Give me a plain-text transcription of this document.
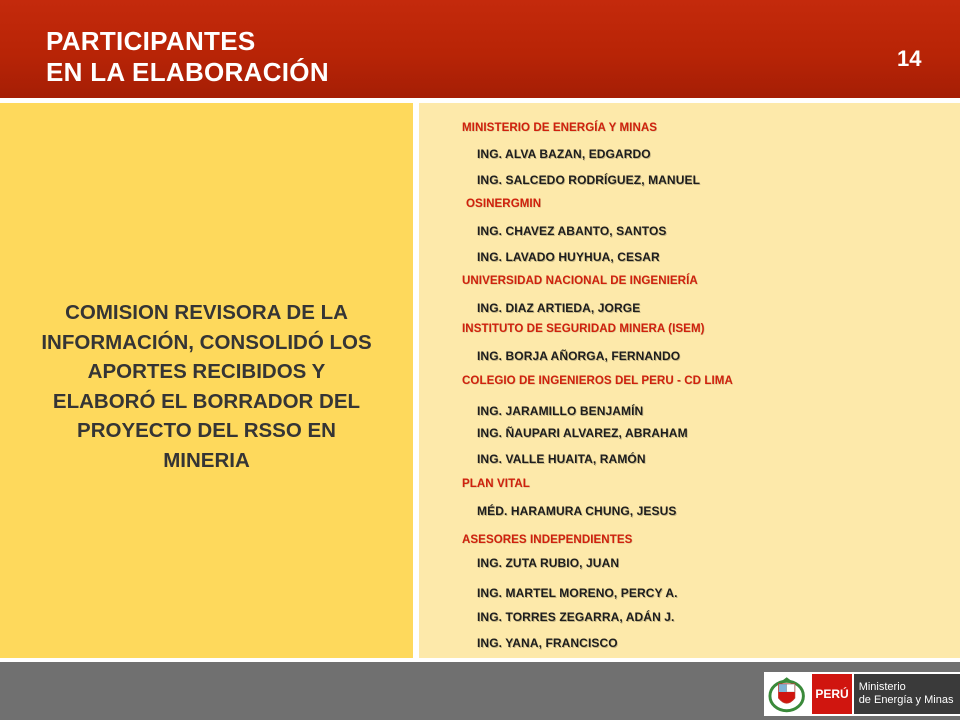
PARTICIPANTES
EN LA ELABORACIÓN	14
COMISION REVISORA DE LA INFORMACIÓN, CONSOLIDÓ LOS APORTES RECIBIDOS Y ELABORÓ EL BORRADOR DEL PROYECTO DEL RSSO EN MINERIA
MINISTERIO DE ENERGÍA Y MINAS
ING. ALVA BAZAN, EDGARDO
ING. SALCEDO RODRÍGUEZ, MANUEL
OSINERGMIN
ING. CHAVEZ ABANTO, SANTOS
ING. LAVADO HUYHUA, CESAR
UNIVERSIDAD NACIONAL DE INGENIERÍA
ING. DIAZ ARTIEDA, JORGE
INSTITUTO DE SEGURIDAD MINERA (ISEM)
ING. BORJA AÑORGA, FERNANDO
COLEGIO DE INGENIEROS DEL PERU - CD LIMA
ING. JARAMILLO BENJAMÍN
ING. ÑAUPARI ALVAREZ, ABRAHAM
ING. VALLE HUAITA, RAMÓN
PLAN VITAL
MÉD. HARAMURA CHUNG, JESUS
ASESORES INDEPENDIENTES
ING. ZUTA RUBIO, JUAN
ING. MARTEL MORENO, PERCY A.
ING. TORRES ZEGARRA, ADÁN J.
ING. YANA, FRANCISCO
PERÚ Ministerio
de Energía y Minas
